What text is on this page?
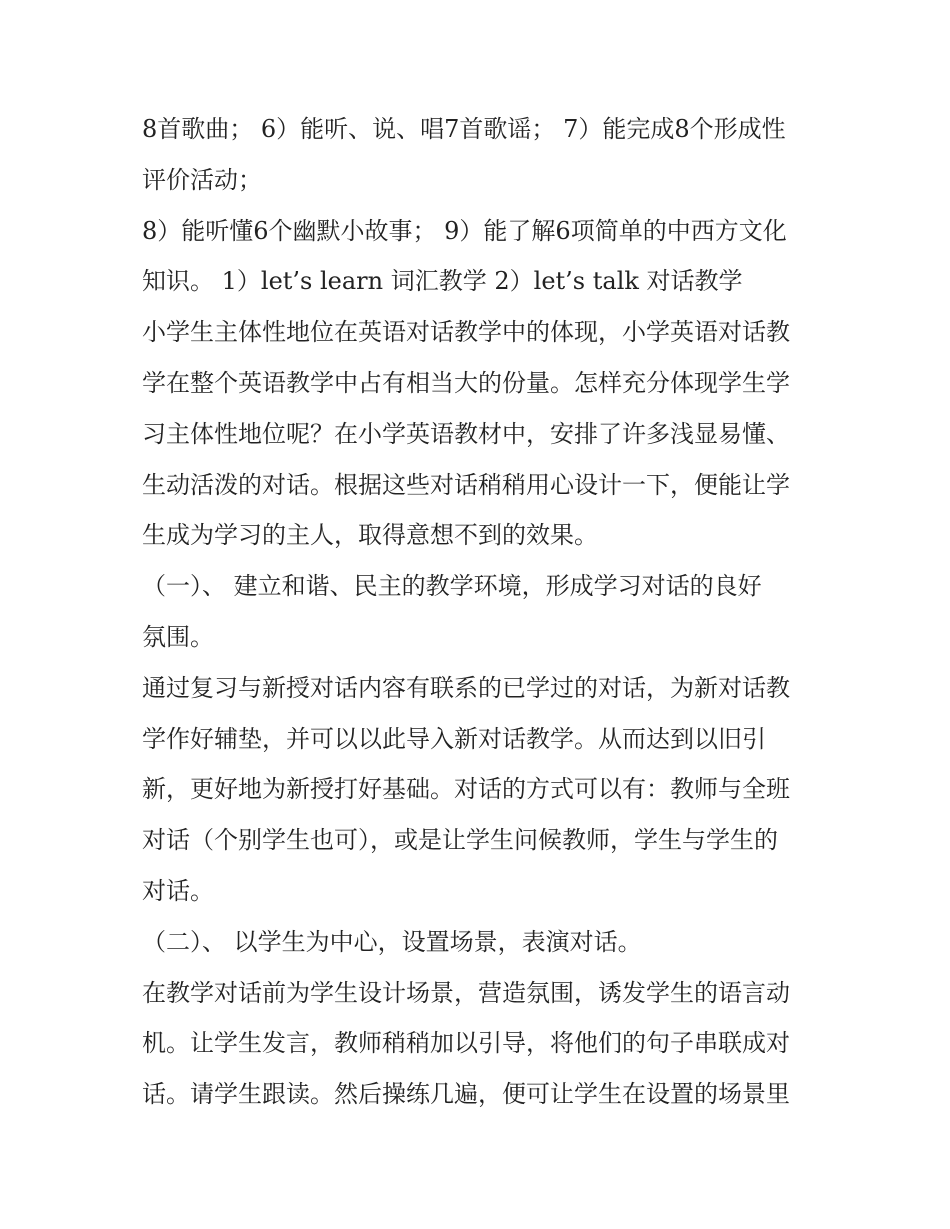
8首歌曲； 6）能听、说、唱7首歌谣； 7）能完成8个形成性
评价活动；
8）能听懂6个幽默小故事； 9）能了解6项简单的中西方文化
知识。 1）let’s learn 词汇教学 2）let’s talk 对话教学
小学生主体性地位在英语对话教学中的体现，小学英语对话教
学在整个英语教学中占有相当大的份量。怎样充分体现学生学
习主体性地位呢？在小学英语教材中，安排了许多浅显易懂、
生动活泼的对话。根据这些对话稍稍用心设计一下，便能让学
生成为学习的主人，取得意想不到的效果。
（一）、 建立和谐、民主的教学环境，形成学习对话的良好
氛围。
通过复习与新授对话内容有联系的已学过的对话，为新对话教
学作好辅垫，并可以以此导入新对话教学。从而达到以旧引
新，更好地为新授打好基础。对话的方式可以有：教师与全班
对话（个别学生也可），或是让学生问候教师，学生与学生的
对话。
（二）、 以学生为中心，设置场景，表演对话。
在教学对话前为学生设计场景，营造氛围，诱发学生的语言动
机。让学生发言，教师稍稍加以引导，将他们的句子串联成对
话。请学生跟读。然后操练几遍，便可让学生在设置的场景里
